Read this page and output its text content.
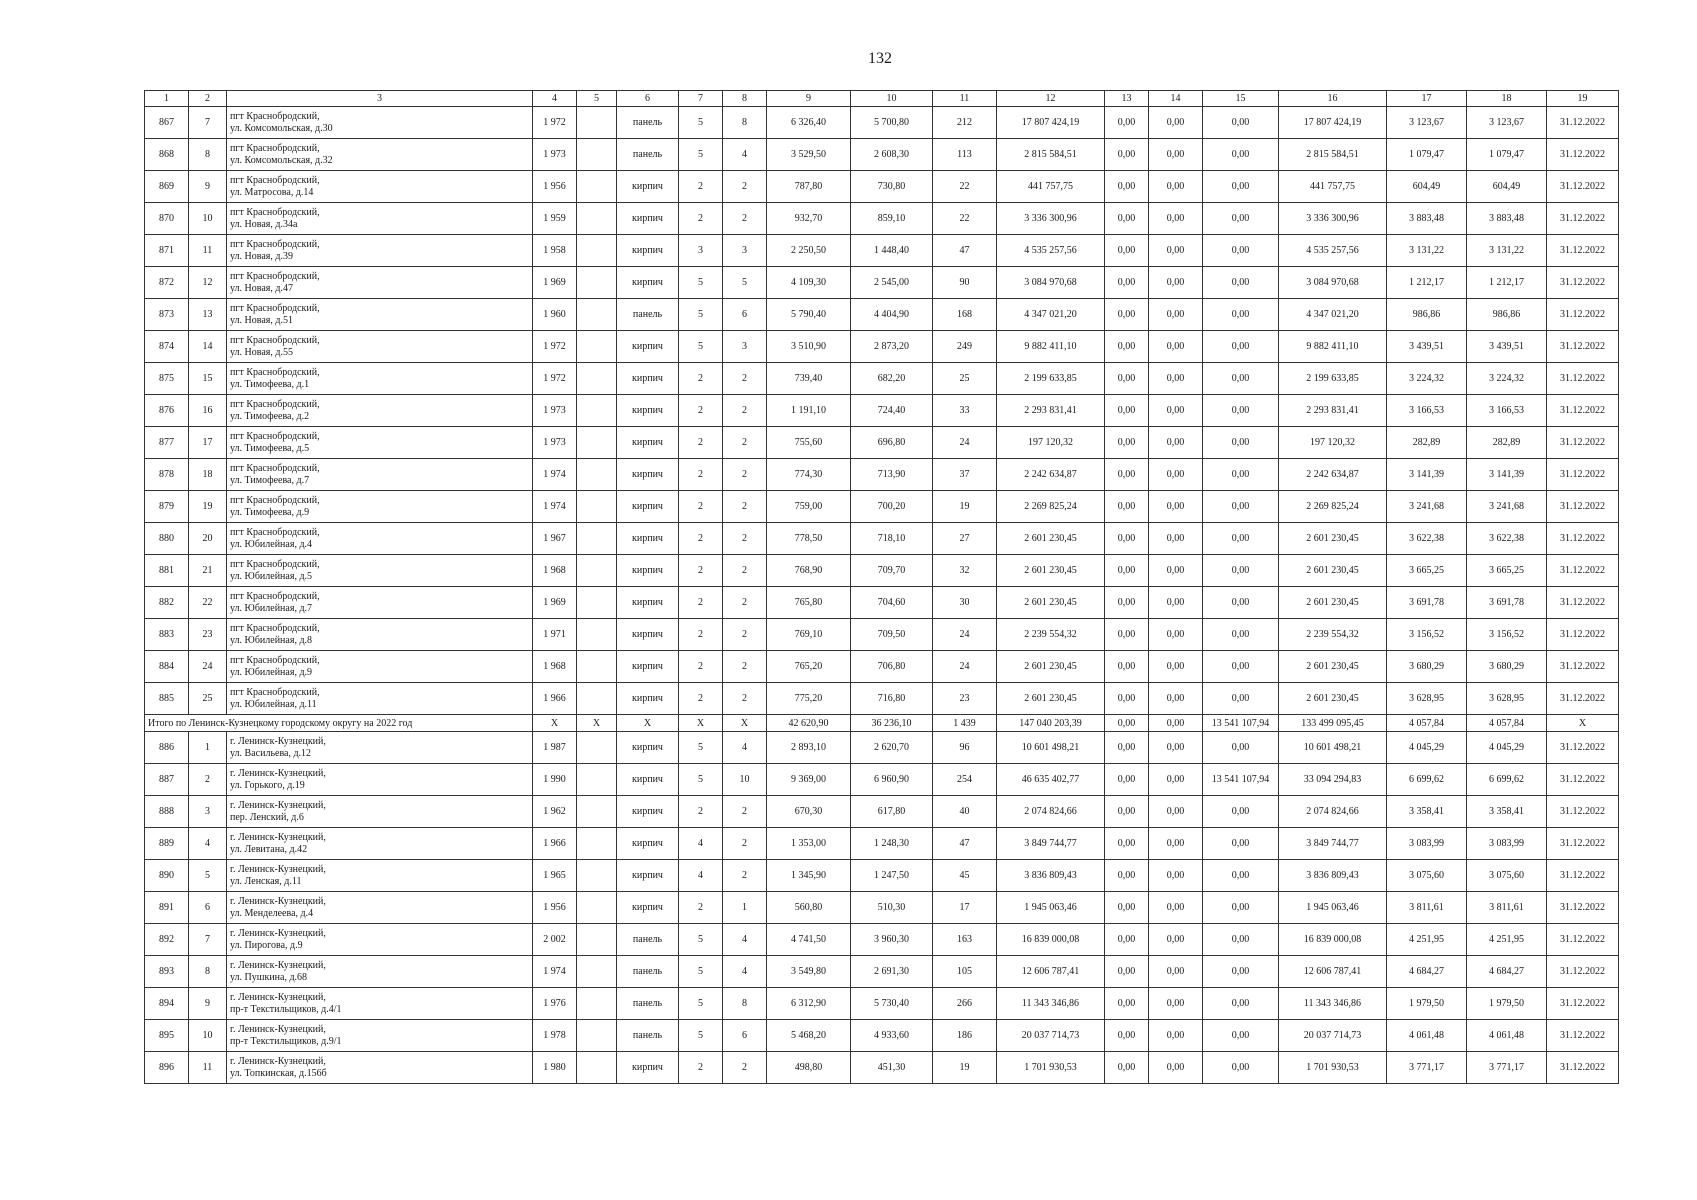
132
1	2	3	4	5	6	7	8	9	10	11	12	13	14	15	16	17	18	19
867	7	пгт Краснобродский,
ул. Комсомольская, д.30	1 972		панель	5	8	6 326,40	5 700,80	212	17 807 424,19	0,00	0,00	0,00	17 807 424,19	3 123,67	3 123,67	31.12.2022
868	8	пгт Краснобродский,
ул. Комсомольская, д.32	1 973		панель	5	4	3 529,50	2 608,30	113	2 815 584,51	0,00	0,00	0,00	2 815 584,51	1 079,47	1 079,47	31.12.2022
869	9	пгт Краснобродский,
ул. Матросова, д.14	1 956		кирпич	2	2	787,80	730,80	22	441 757,75	0,00	0,00	0,00	441 757,75	604,49	604,49	31.12.2022
870	10	пгт Краснобродский,
ул. Новая, д.34а	1 959		кирпич	2	2	932,70	859,10	22	3 336 300,96	0,00	0,00	0,00	3 336 300,96	3 883,48	3 883,48	31.12.2022
871	11	пгт Краснобродский,
ул. Новая, д.39	1 958		кирпич	3	3	2 250,50	1 448,40	47	4 535 257,56	0,00	0,00	0,00	4 535 257,56	3 131,22	3 131,22	31.12.2022
872	12	пгт Краснобродский,
ул. Новая, д.47	1 969		кирпич	5	5	4 109,30	2 545,00	90	3 084 970,68	0,00	0,00	0,00	3 084 970,68	1 212,17	1 212,17	31.12.2022
873	13	пгт Краснобродский,
ул. Новая, д.51	1 960		панель	5	6	5 790,40	4 404,90	168	4 347 021,20	0,00	0,00	0,00	4 347 021,20	986,86	986,86	31.12.2022
874	14	пгт Краснобродский,
ул. Новая, д.55	1 972		кирпич	5	3	3 510,90	2 873,20	249	9 882 411,10	0,00	0,00	0,00	9 882 411,10	3 439,51	3 439,51	31.12.2022
875	15	пгт Краснобродский,
ул. Тимофеева, д.1	1 972		кирпич	2	2	739,40	682,20	25	2 199 633,85	0,00	0,00	0,00	2 199 633,85	3 224,32	3 224,32	31.12.2022
876	16	пгт Краснобродский,
ул. Тимофеева, д.2	1 973		кирпич	2	2	1 191,10	724,40	33	2 293 831,41	0,00	0,00	0,00	2 293 831,41	3 166,53	3 166,53	31.12.2022
877	17	пгт Краснобродский,
ул. Тимофеева, д.5	1 973		кирпич	2	2	755,60	696,80	24	197 120,32	0,00	0,00	0,00	197 120,32	282,89	282,89	31.12.2022
878	18	пгт Краснобродский,
ул. Тимофеева, д.7	1 974		кирпич	2	2	774,30	713,90	37	2 242 634,87	0,00	0,00	0,00	2 242 634,87	3 141,39	3 141,39	31.12.2022
879	19	пгт Краснобродский,
ул. Тимофеева, д.9	1 974		кирпич	2	2	759,00	700,20	19	2 269 825,24	0,00	0,00	0,00	2 269 825,24	3 241,68	3 241,68	31.12.2022
880	20	пгт Краснобродский,
ул. Юбилейная, д.4	1 967		кирпич	2	2	778,50	718,10	27	2 601 230,45	0,00	0,00	0,00	2 601 230,45	3 622,38	3 622,38	31.12.2022
881	21	пгт Краснобродский,
ул. Юбилейная, д.5	1 968		кирпич	2	2	768,90	709,70	32	2 601 230,45	0,00	0,00	0,00	2 601 230,45	3 665,25	3 665,25	31.12.2022
882	22	пгт Краснобродский,
ул. Юбилейная, д.7	1 969		кирпич	2	2	765,80	704,60	30	2 601 230,45	0,00	0,00	0,00	2 601 230,45	3 691,78	3 691,78	31.12.2022
883	23	пгт Краснобродский,
ул. Юбилейная, д.8	1 971		кирпич	2	2	769,10	709,50	24	2 239 554,32	0,00	0,00	0,00	2 239 554,32	3 156,52	3 156,52	31.12.2022
884	24	пгт Краснобродский,
ул. Юбилейная, д.9	1 968		кирпич	2	2	765,20	706,80	24	2 601 230,45	0,00	0,00	0,00	2 601 230,45	3 680,29	3 680,29	31.12.2022
885	25	пгт Краснобродский,
ул. Юбилейная, д.11	1 966		кирпич	2	2	775,20	716,80	23	2 601 230,45	0,00	0,00	0,00	2 601 230,45	3 628,95	3 628,95	31.12.2022
Итого по Ленинск-Кузнецкому городскому округу на 2022 год			Х	Х	Х	Х	Х	42 620,90	36 236,10	1 439	147 040 203,39	0,00	0,00	13 541 107,94	133 499 095,45	4 057,84	4 057,84	Х
886	1	г. Ленинск-Кузнецкий,
ул. Васильева, д.12	1 987		кирпич	5	4	2 893,10	2 620,70	96	10 601 498,21	0,00	0,00	0,00	10 601 498,21	4 045,29	4 045,29	31.12.2022
887	2	г. Ленинск-Кузнецкий,
ул. Горького, д.19	1 990		кирпич	5	10	9 369,00	6 960,90	254	46 635 402,77	0,00	0,00	13 541 107,94	33 094 294,83	6 699,62	6 699,62	31.12.2022
888	3	г. Ленинск-Кузнецкий,
пер. Ленский, д.6	1 962		кирпич	2	2	670,30	617,80	40	2 074 824,66	0,00	0,00	0,00	2 074 824,66	3 358,41	3 358,41	31.12.2022
889	4	г. Ленинск-Кузнецкий,
ул. Левитана, д.42	1 966		кирпич	4	2	1 353,00	1 248,30	47	3 849 744,77	0,00	0,00	0,00	3 849 744,77	3 083,99	3 083,99	31.12.2022
890	5	г. Ленинск-Кузнецкий,
ул. Ленская, д.11	1 965		кирпич	4	2	1 345,90	1 247,50	45	3 836 809,43	0,00	0,00	0,00	3 836 809,43	3 075,60	3 075,60	31.12.2022
891	6	г. Ленинск-Кузнецкий,
ул. Менделеева, д.4	1 956		кирпич	2	1	560,80	510,30	17	1 945 063,46	0,00	0,00	0,00	1 945 063,46	3 811,61	3 811,61	31.12.2022
892	7	г. Ленинск-Кузнецкий,
ул. Пирогова, д.9	2 002		панель	5	4	4 741,50	3 960,30	163	16 839 000,08	0,00	0,00	0,00	16 839 000,08	4 251,95	4 251,95	31.12.2022
893	8	г. Ленинск-Кузнецкий,
ул. Пушкина, д.68	1 974		панель	5	4	3 549,80	2 691,30	105	12 606 787,41	0,00	0,00	0,00	12 606 787,41	4 684,27	4 684,27	31.12.2022
894	9	г. Ленинск-Кузнецкий,
пр-т Текстильщиков, д.4/1	1 976		панель	5	8	6 312,90	5 730,40	266	11 343 346,86	0,00	0,00	0,00	11 343 346,86	1 979,50	1 979,50	31.12.2022
895	10	г. Ленинск-Кузнецкий,
пр-т Текстильщиков, д.9/1	1 978		панель	5	6	5 468,20	4 933,60	186	20 037 714,73	0,00	0,00	0,00	20 037 714,73	4 061,48	4 061,48	31.12.2022
896	11	г. Ленинск-Кузнецкий,
ул. Топкинская, д.156б	1 980		кирпич	2	2	498,80	451,30	19	1 701 930,53	0,00	0,00	0,00	1 701 930,53	3 771,17	3 771,17	31.12.2022
